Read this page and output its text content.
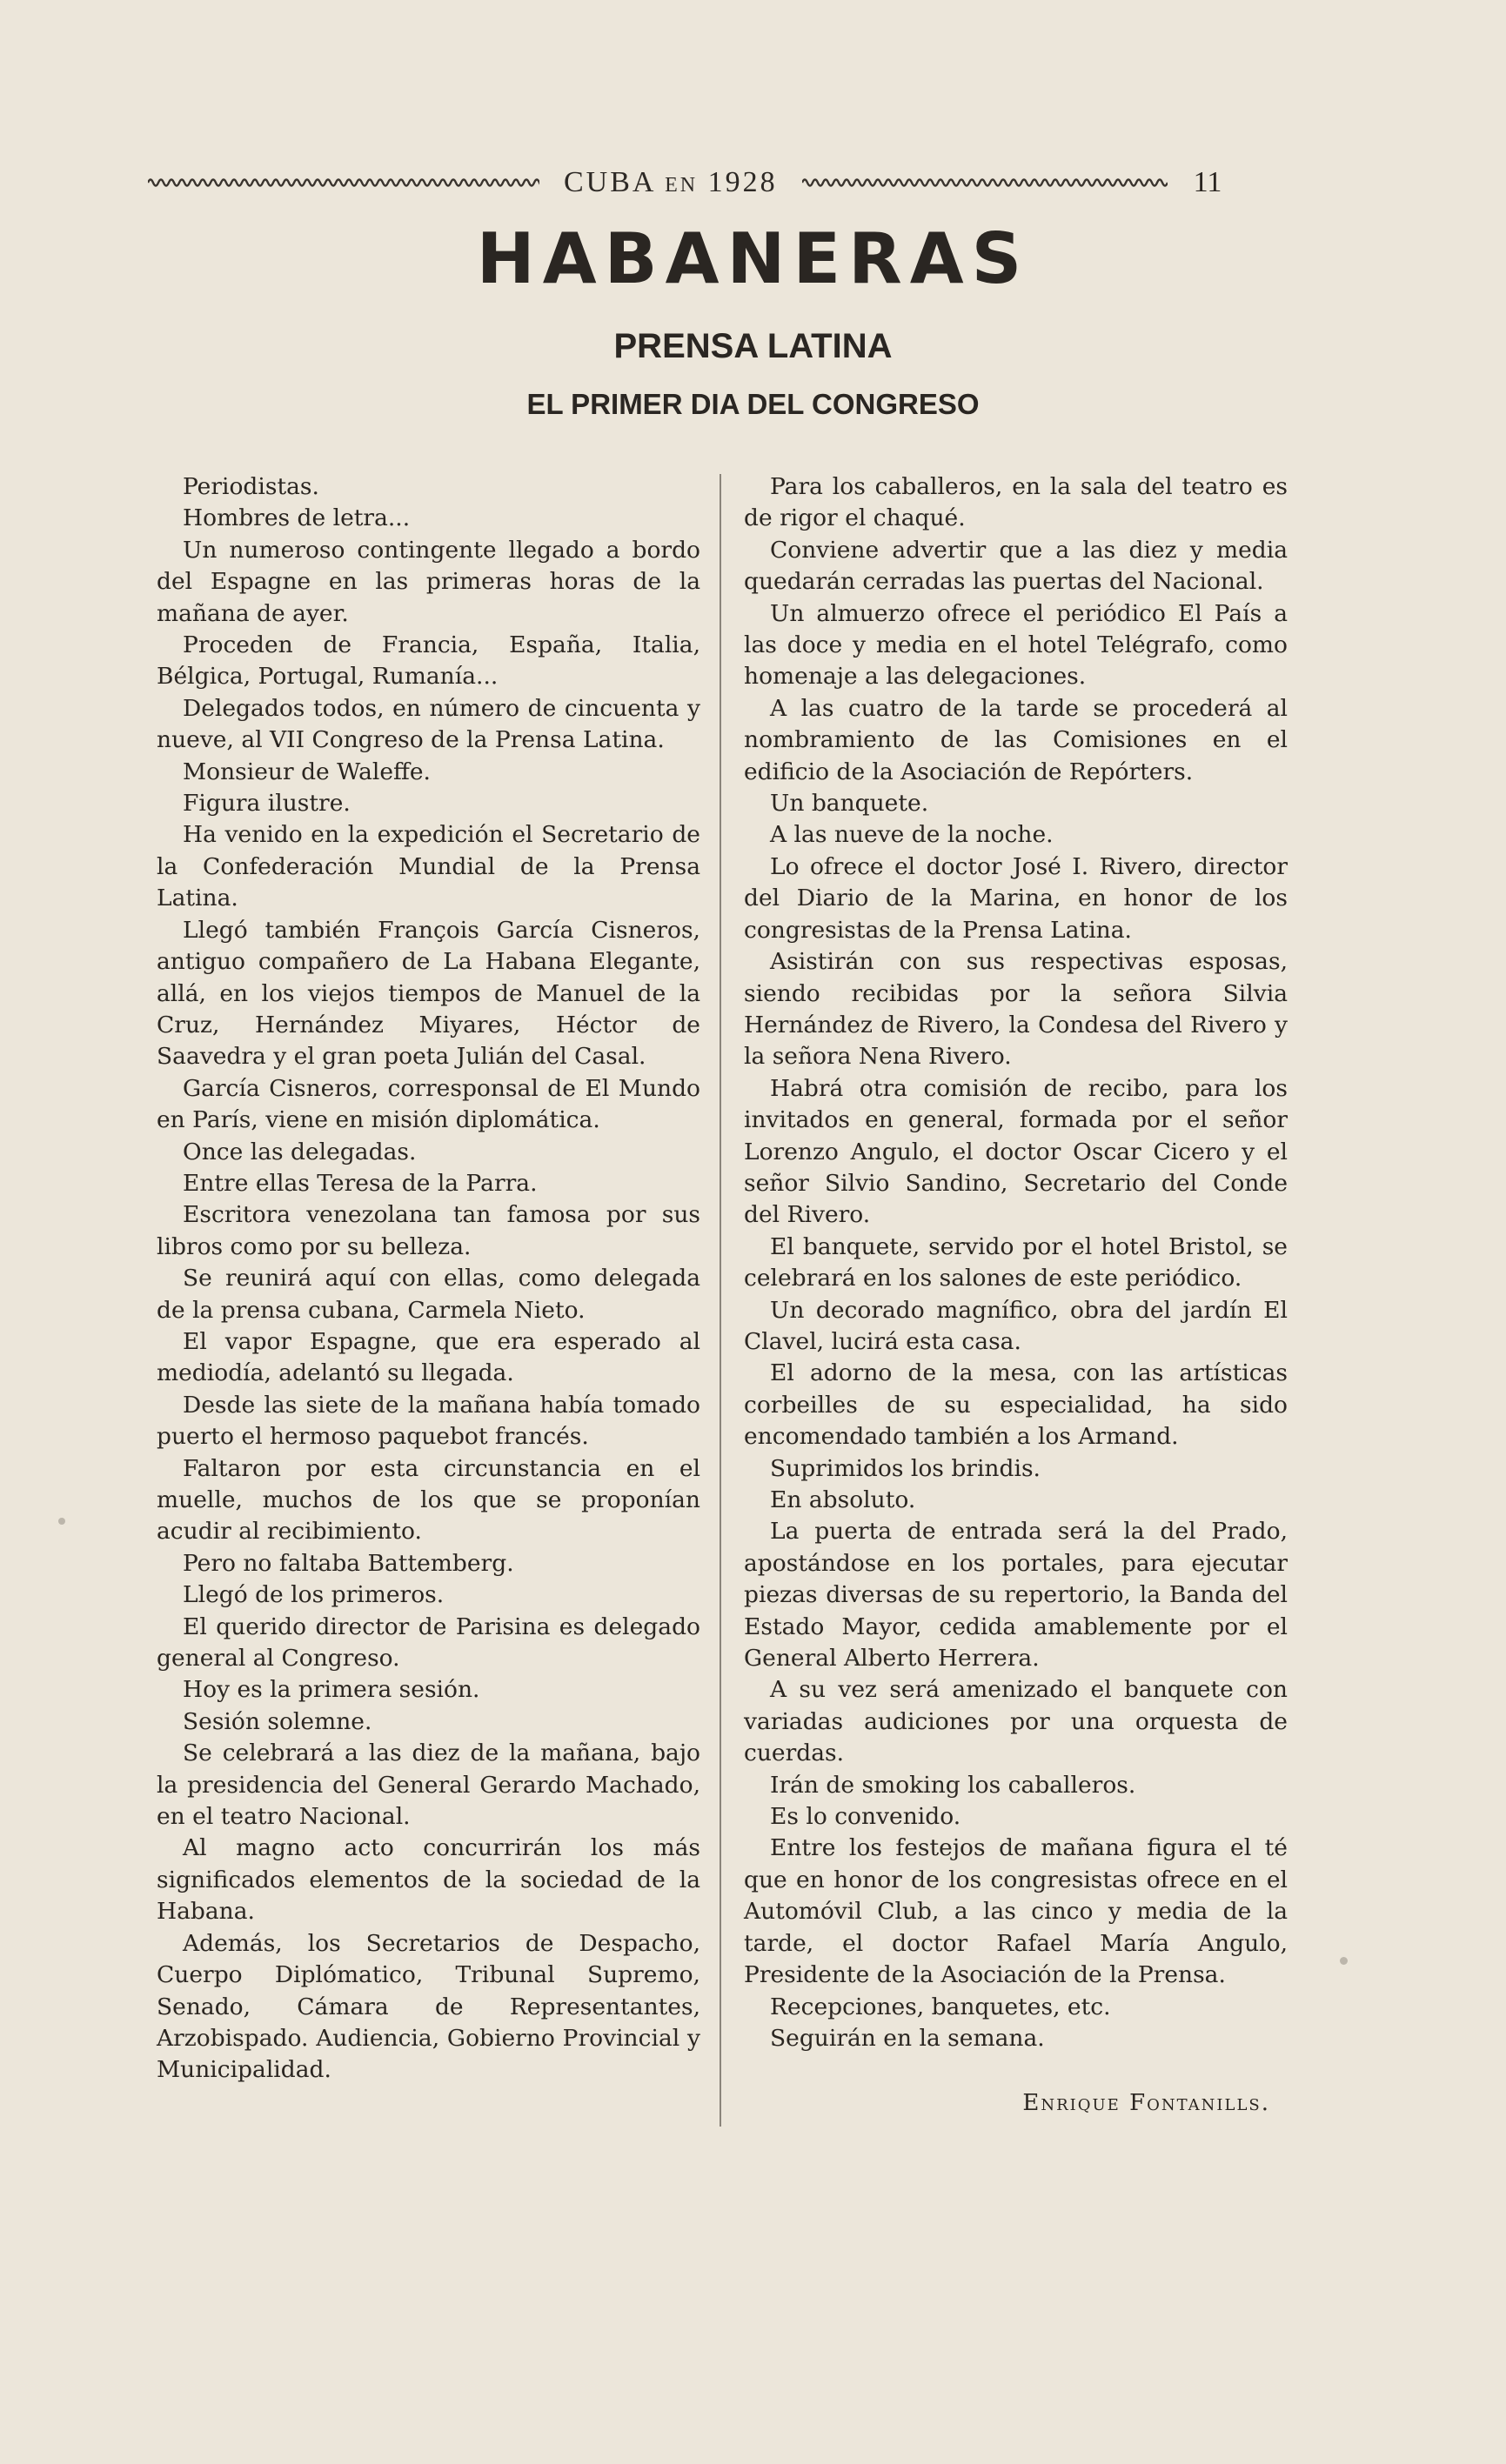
CUBA EN 1928	11
HABANERAS
PRENSA LATINA
EL PRIMER DIA DEL CONGRESO

Periodistas.

Hombres de letra...

Un numeroso contingente llegado a bordo del Espagne en las primeras horas de la mañana de ayer.

Proceden de Francia, España, Italia, Bélgica, Portugal, Rumanía...

Delegados todos, en número de cincuenta y nueve, al VII Congreso de la Prensa Latina.

Monsieur de Waleffe.

Figura ilustre.

Ha venido en la expedición el Secretario de la Confederación Mundial de la Prensa Latina.

Llegó también François García Cisneros, antiguo compañero de La Habana Elegante, allá, en los viejos tiempos de Manuel de la Cruz, Hernández Miyares, Héctor de Saavedra y el gran poeta Julián del Casal.

García Cisneros, corresponsal de El Mundo en París, viene en misión diplomática.

Once las delegadas.

Entre ellas Teresa de la Parra.

Escritora venezolana tan famosa por sus libros como por su belleza.

Se reunirá aquí con ellas, como delegada de la prensa cubana, Carmela Nieto.

El vapor Espagne, que era esperado al mediodía, adelantó su llegada.

Desde las siete de la mañana había tomado puerto el hermoso paquebot francés.

Faltaron por esta circunstancia en el muelle, muchos de los que se proponían acudir al recibimiento.

Pero no faltaba Battemberg.

Llegó de los primeros.

El querido director de Parisina es delegado general al Congreso.

Hoy es la primera sesión.

Sesión solemne.

Se celebrará a las diez de la mañana, bajo la presidencia del General Gerardo Machado, en el teatro Nacional.

Al magno acto concurrirán los más significados elementos de la sociedad de la Habana.

Además, los Secretarios de Despacho, Cuerpo Diplómatico, Tribunal Supremo, Senado, Cámara de Representantes, Arzobispado. Audiencia, Gobierno Provincial y Municipalidad.

Para los caballeros, en la sala del teatro es de rigor el chaqué.

Conviene advertir que a las diez y media quedarán cerradas las puertas del Nacional.

Un almuerzo ofrece el periódico El País a las doce y media en el hotel Telégrafo, como homenaje a las delegaciones.

A las cuatro de la tarde se procederá al nombramiento de las Comisiones en el edificio de la Asociación de Repórters.

Un banquete.

A las nueve de la noche.

Lo ofrece el doctor José I. Rivero, director del Diario de la Marina, en honor de los congresistas de la Prensa Latina.

Asistirán con sus respectivas esposas, siendo recibidas por la señora Silvia Hernández de Rivero, la Condesa del Rivero y la señora Nena Rivero.

Habrá otra comisión de recibo, para los invitados en general, formada por el señor Lorenzo Angulo, el doctor Oscar Cicero y el señor Silvio Sandino, Secretario del Conde del Rivero.

El banquete, servido por el hotel Bristol, se celebrará en los salones de este periódico.

Un decorado magnífico, obra del jardín El Clavel, lucirá esta casa.

El adorno de la mesa, con las artísticas corbeilles de su especialidad, ha sido encomendado también a los Armand.

Suprimidos los brindis.

En absoluto.

La puerta de entrada será la del Prado, apostándose en los portales, para ejecutar piezas diversas de su repertorio, la Banda del Estado Mayor, cedida amablemente por el General Alberto Herrera.

A su vez será amenizado el banquete con variadas audiciones por una orquesta de cuerdas.

Irán de smoking los caballeros.

Es lo convenido.

Entre los festejos de mañana figura el té que en honor de los congresistas ofrece en el Automóvil Club, a las cinco y media de la tarde, el doctor Rafael María Angulo, Presidente de la Asociación de la Prensa.

Recepciones, banquetes, etc.

Seguirán en la semana.

Enrique Fontanills.
